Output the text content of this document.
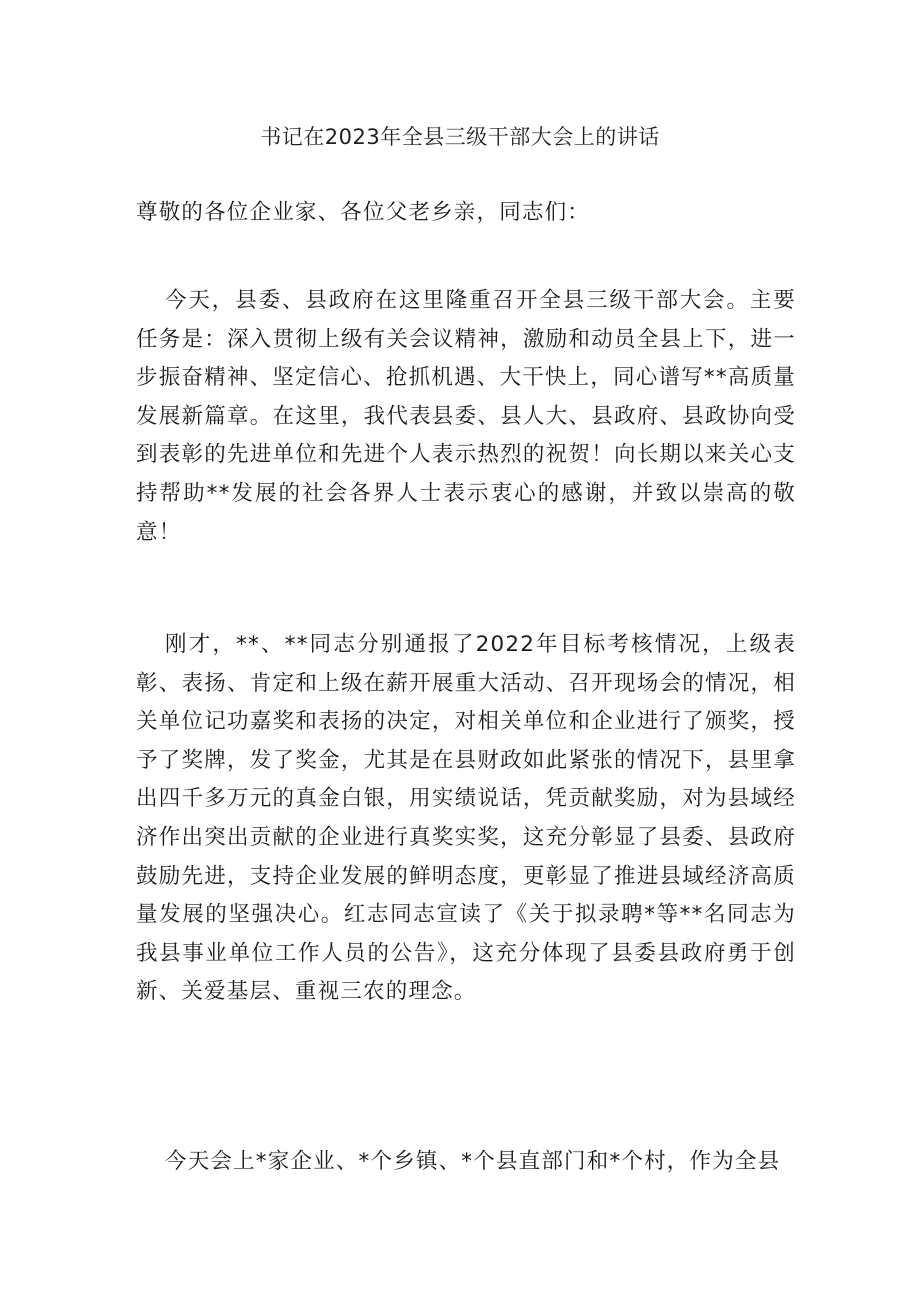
书记在2023年全县三级干部大会上的讲话

尊敬的各位企业家、各位父老乡亲，同志们：

今天，县委、县政府在这里隆重召开全县三级干部大会。主要任务是：深入贯彻上级有关会议精神，激励和动员全县上下，进一步振奋精神、坚定信心、抢抓机遇、大干快上，同心谱写**高质量发展新篇章。在这里，我代表县委、县人大、县政府、县政协向受到表彰的先进单位和先进个人表示热烈的祝贺！向长期以来关心支持帮助**发展的社会各界人士表示衷心的感谢，并致以崇高的敬意！

刚才，**、**同志分别通报了2022年目标考核情况，上级表彰、表扬、肯定和上级在薪开展重大活动、召开现场会的情况，相关单位记功嘉奖和表扬的决定，对相关单位和企业进行了颁奖，授予了奖牌，发了奖金，尤其是在县财政如此紧张的情况下，县里拿出四千多万元的真金白银，用实绩说话，凭贡献奖励，对为县域经济作出突出贡献的企业进行真奖实奖，这充分彰显了县委、县政府鼓励先进，支持企业发展的鲜明态度，更彰显了推进县域经济高质量发展的坚强决心。红志同志宣读了《关于拟录聘*等**名同志为我县事业单位工作人员的公告》，这充分体现了县委县政府勇于创新、关爱基层、重视三农的理念。

今天会上*家企业、*个乡镇、*个县直部门和*个村，作为全县
